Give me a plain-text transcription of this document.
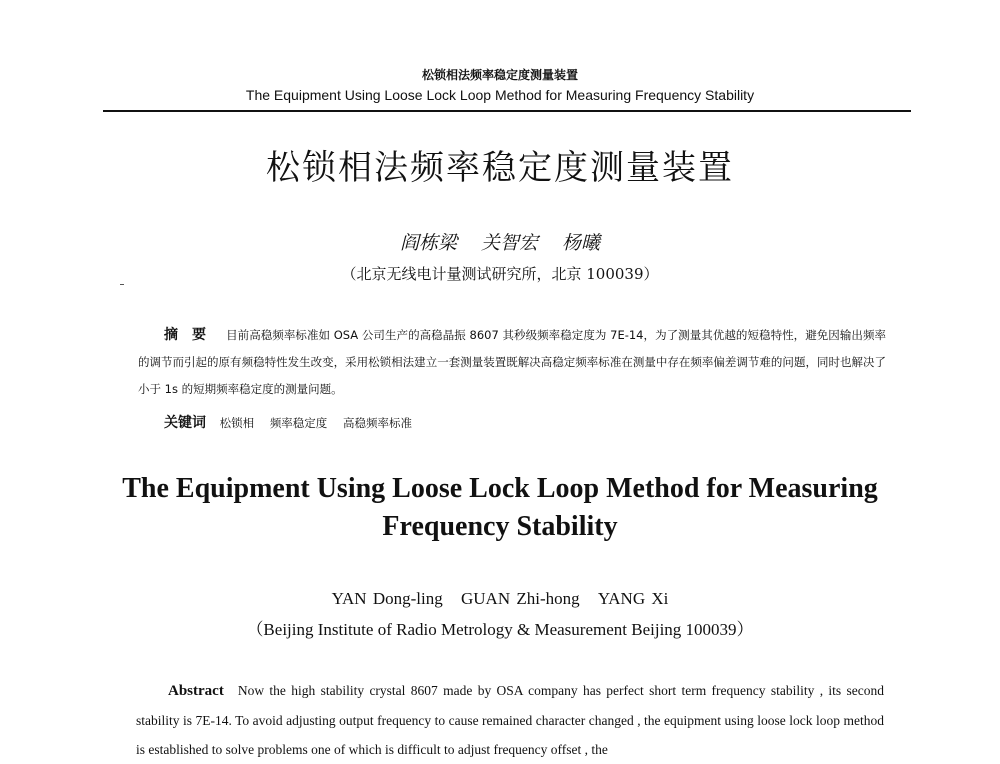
松锁相法频率稳定度测量装置
The Equipment Using Loose Lock Loop Method for Measuring Frequency Stability
松锁相法频率稳定度测量装置
阎栋梁 关智宏 杨曦
（北京无线电计量测试研究所，北京 100039）
摘要 目前高稳频率标准如 OSA 公司生产的高稳晶振 8607 其秒级频率稳定度为 7E-14，为了测量其优越的短稳特性，避免因输出频率的调节而引起的原有频稳特性发生改变，采用松锁相法建立一套测量装置既解决高稳定频率标准在测量中存在频率偏差调节难的问题，同时也解决了小于 1s 的短期频率稳定度的测量问题。
关键词 松锁相 频率稳定度 高稳频率标准
The Equipment Using Loose Lock Loop Method for Measuring
Frequency Stability
YAN Dong-ling GUAN Zhi-hong YANG Xi
（Beijing Institute of Radio Metrology & Measurement Beijing 100039）
Abstract Now the high stability crystal 8607 made by OSA company has perfect short term frequency stability , its second stability is 7E-14. To avoid adjusting output frequency to cause remained character changed , the equipment using loose lock loop method is established to solve problems one of which is difficult to adjust frequency offset , the
